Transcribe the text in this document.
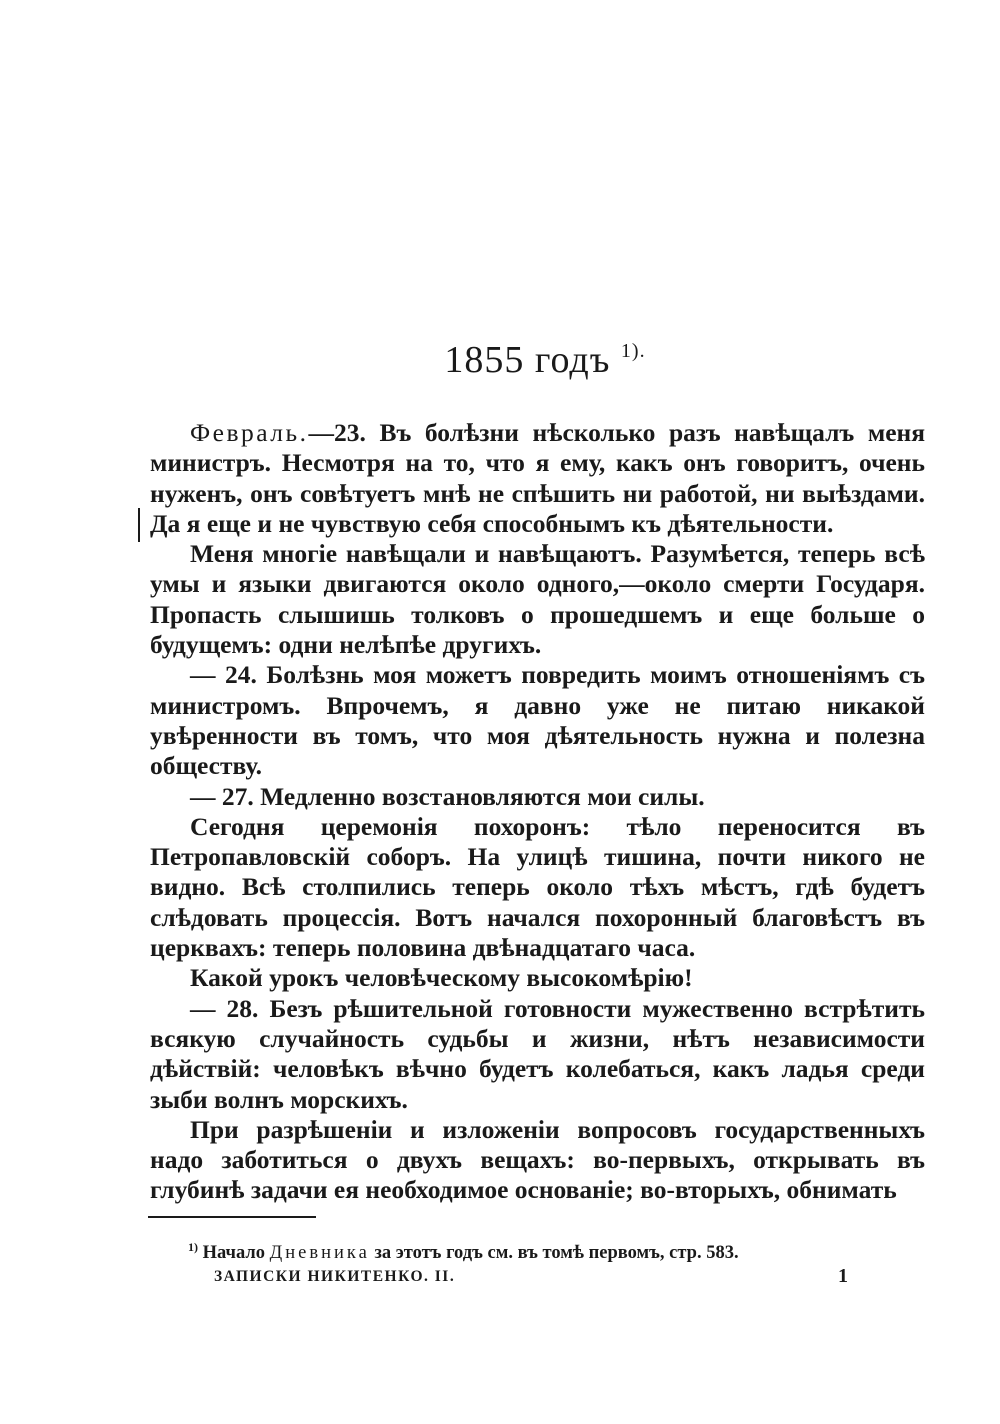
1855 годъ $^{1).}$

Февраль.—23. Въ болѣзни нѣсколько разъ навѣщалъ меня министръ. Несмотря на то, что я ему, какъ онъ говоритъ, очень нуженъ, онъ совѣтуетъ мнѣ не спѣшить ни работой, ни выѣздами. Да я еще и не чувствую себя способнымъ къ дѣятельности.

Меня многіе навѣщали и навѣщаютъ. Разумѣется, теперь всѣ умы и языки двигаются около одного,—около смерти Государя. Пропасть слышишь толковъ о прошедшемъ и еще больше о будущемъ: одни нелѣпѣе другихъ.

— 24. Болѣзнь моя можетъ повредить моимъ отношеніямъ съ министромъ. Впрочемъ, я давно уже не питаю никакой увѣренности въ томъ, что моя дѣятельность нужна и полезна обществу.

— 27. Медленно возстановляются мои силы.

Сегодня церемонія похоронъ: тѣло переносится въ Петропавловскій соборъ. На улицѣ тишина, почти никого не видно. Всѣ столпились теперь около тѣхъ мѣстъ, гдѣ будетъ слѣдовать процессія. Вотъ начался похоронный благовѣстъ въ церквахъ: теперь половина двѣнадцатаго часа.

Какой урокъ человѣческому высокомѣрію!

— 28. Безъ рѣшительной готовности мужественно встрѣтить всякую случайность судьбы и жизни, нѣтъ независимости дѣйствій: человѣкъ вѣчно будетъ колебаться, какъ ладья среди зыби волнъ морскихъ.

При разрѣшеніи и изложеніи вопросовъ государственныхъ надо заботиться о двухъ вещахъ: во-первыхъ, открывать въ глубинѣ задачи ея необходимое основаніе; во-вторыхъ, обнимать

$^{1)}$ Начало Дневника за этотъ годъ см. въ томѣ первомъ, стр. 583.
ЗАПИСКИ НИКИТЕНКО. II.	1
